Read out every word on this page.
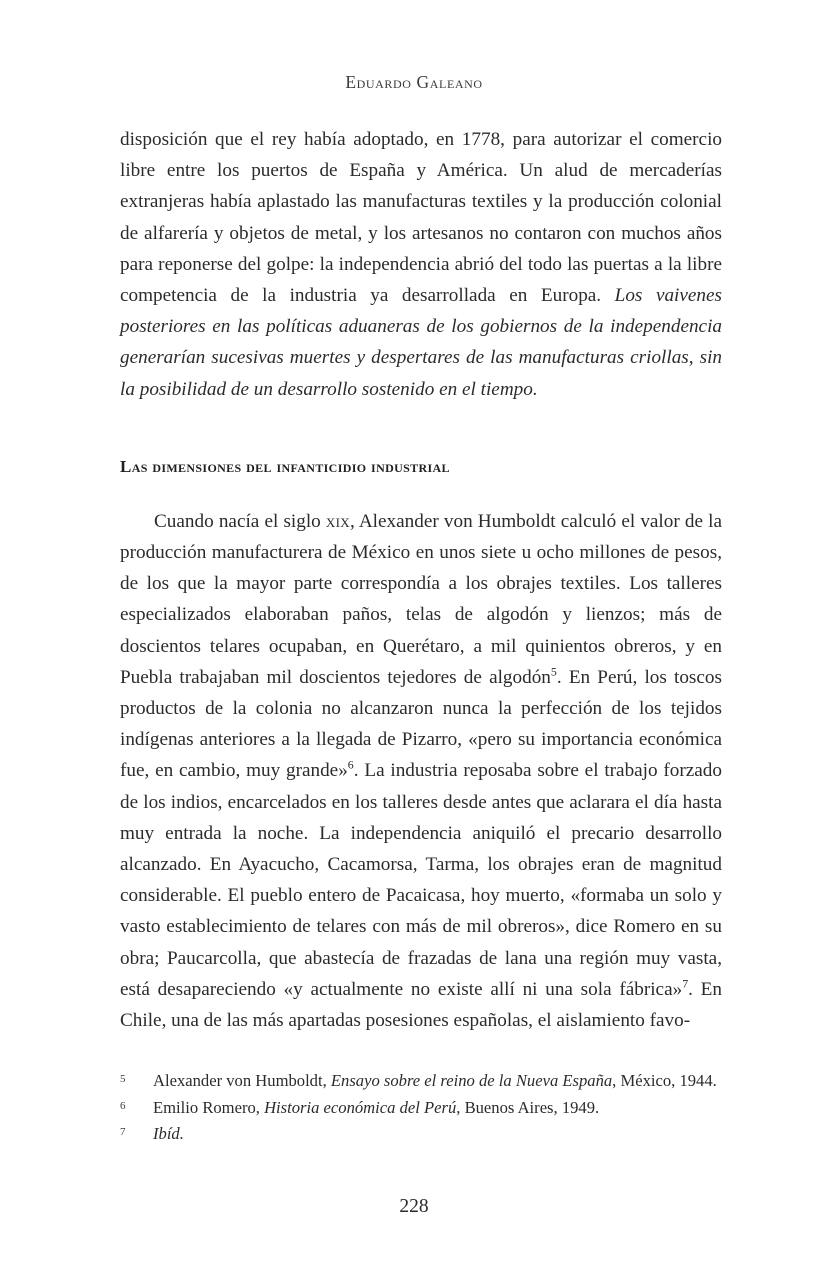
Eduardo Galeano

disposición que el rey había adoptado, en 1778, para autorizar el comercio libre entre los puertos de España y América. Un alud de mercaderías extranjeras había aplastado las manufacturas textiles y la producción colonial de alfarería y objetos de metal, y los artesanos no contaron con muchos años para reponerse del golpe: la independencia abrió del todo las puertas a la libre competencia de la industria ya desarrollada en Europa. Los vaivenes posteriores en las políticas aduaneras de los gobiernos de la independencia generarían sucesivas muertes y despertares de las manufacturas criollas, sin la posibilidad de un desarrollo sostenido en el tiempo.

Las dimensiones del infanticidio industrial

Cuando nacía el siglo xix, Alexander von Humboldt calculó el valor de la producción manufacturera de México en unos siete u ocho millones de pesos, de los que la mayor parte correspondía a los obrajes textiles. Los talleres especializados elaboraban paños, telas de algodón y lienzos; más de doscientos telares ocupaban, en Querétaro, a mil quinientos obreros, y en Puebla trabajaban mil doscientos tejedores de algodón$^5$. En Perú, los toscos productos de la colonia no alcanzaron nunca la perfección de los tejidos indígenas anteriores a la llegada de Pizarro, «pero su importancia económica fue, en cambio, muy grande»$^6$. La industria reposaba sobre el trabajo forzado de los indios, encarcelados en los talleres desde antes que aclarara el día hasta muy entrada la noche. La independencia aniquiló el precario desarrollo alcanzado. En Ayacucho, Cacamorsa, Tarma, los obrajes eran de magnitud considerable. El pueblo entero de Pacaicasa, hoy muerto, «formaba un solo y vasto establecimiento de telares con más de mil obreros», dice Romero en su obra; Paucarcolla, que abastecía de frazadas de lana una región muy vasta, está desapareciendo «y actualmente no existe allí ni una sola fábrica»$^7$. En Chile, una de las más apartadas posesiones españolas, el aislamiento favo-

5 Alexander von Humboldt, Ensayo sobre el reino de la Nueva España, México, 1944.
6 Emilio Romero, Historia económica del Perú, Buenos Aires, 1949.
7 Ibíd.
228
